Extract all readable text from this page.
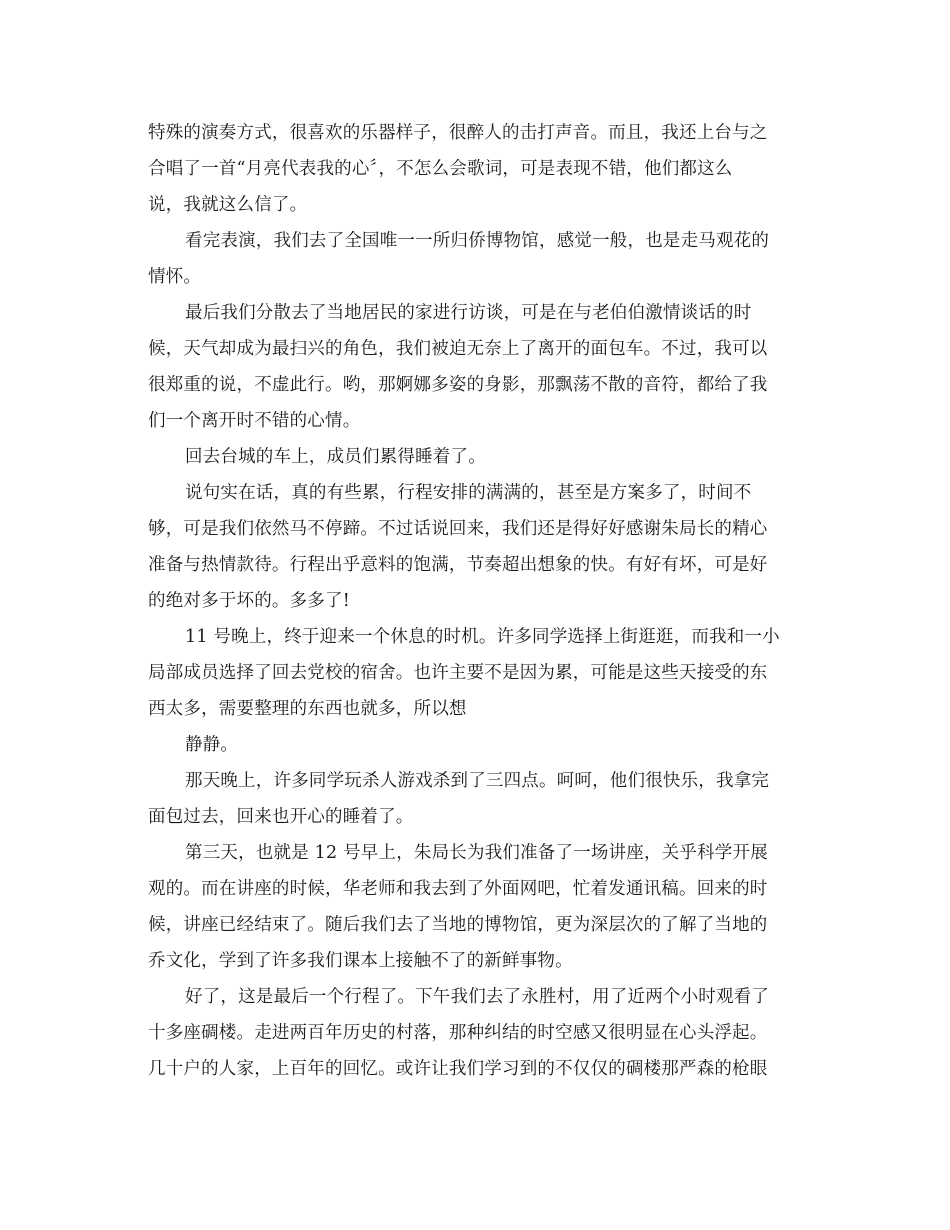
特殊的演奏方式，很喜欢的乐器样子，很醉人的击打声音。而且，我还上台与之
合唱了一首“月亮代表我的心〞，不怎么会歌词，可是表现不错，他们都这么
说，我就这么信了。
看完表演，我们去了全国唯一一所归侨博物馆，感觉一般，也是走马观花的
情怀。
最后我们分散去了当地居民的家进行访谈，可是在与老伯伯激情谈话的时
候，天气却成为最扫兴的角色，我们被迫无奈上了离开的面包车。不过，我可以
很郑重的说，不虚此行。哟，那婀娜多姿的身影，那飘荡不散的音符，都给了我
们一个离开时不错的心情。
回去台城的车上，成员们累得睡着了。
说句实在话，真的有些累，行程安排的满满的，甚至是方案多了，时间不
够，可是我们依然马不停蹄。不过话说回来，我们还是得好好感谢朱局长的精心
准备与热情款待。行程出乎意料的饱满，节奏超出想象的快。有好有坏，可是好
的绝对多于坏的。多多了!
11 号晚上，终于迎来一个休息的时机。许多同学选择上街逛逛，而我和一小
局部成员选择了回去党校的宿舍。也许主要不是因为累，可能是这些天接受的东
西太多，需要整理的东西也就多，所以想
静静。
那天晚上，许多同学玩杀人游戏杀到了三四点。呵呵，他们很快乐，我拿完
面包过去，回来也开心的睡着了。
第三天，也就是 12 号早上，朱局长为我们准备了一场讲座，关乎科学开展
观的。而在讲座的时候，华老师和我去到了外面网吧，忙着发通讯稿。回来的时
候，讲座已经结束了。随后我们去了当地的博物馆，更为深层次的了解了当地的
乔文化，学到了许多我们课本上接触不了的新鲜事物。
好了，这是最后一个行程了。下午我们去了永胜村，用了近两个小时观看了
十多座碉楼。走进两百年历史的村落，那种纠结的时空感又很明显在心头浮起。
几十户的人家，上百年的回忆。或许让我们学习到的不仅仅的碉楼那严森的枪眼
